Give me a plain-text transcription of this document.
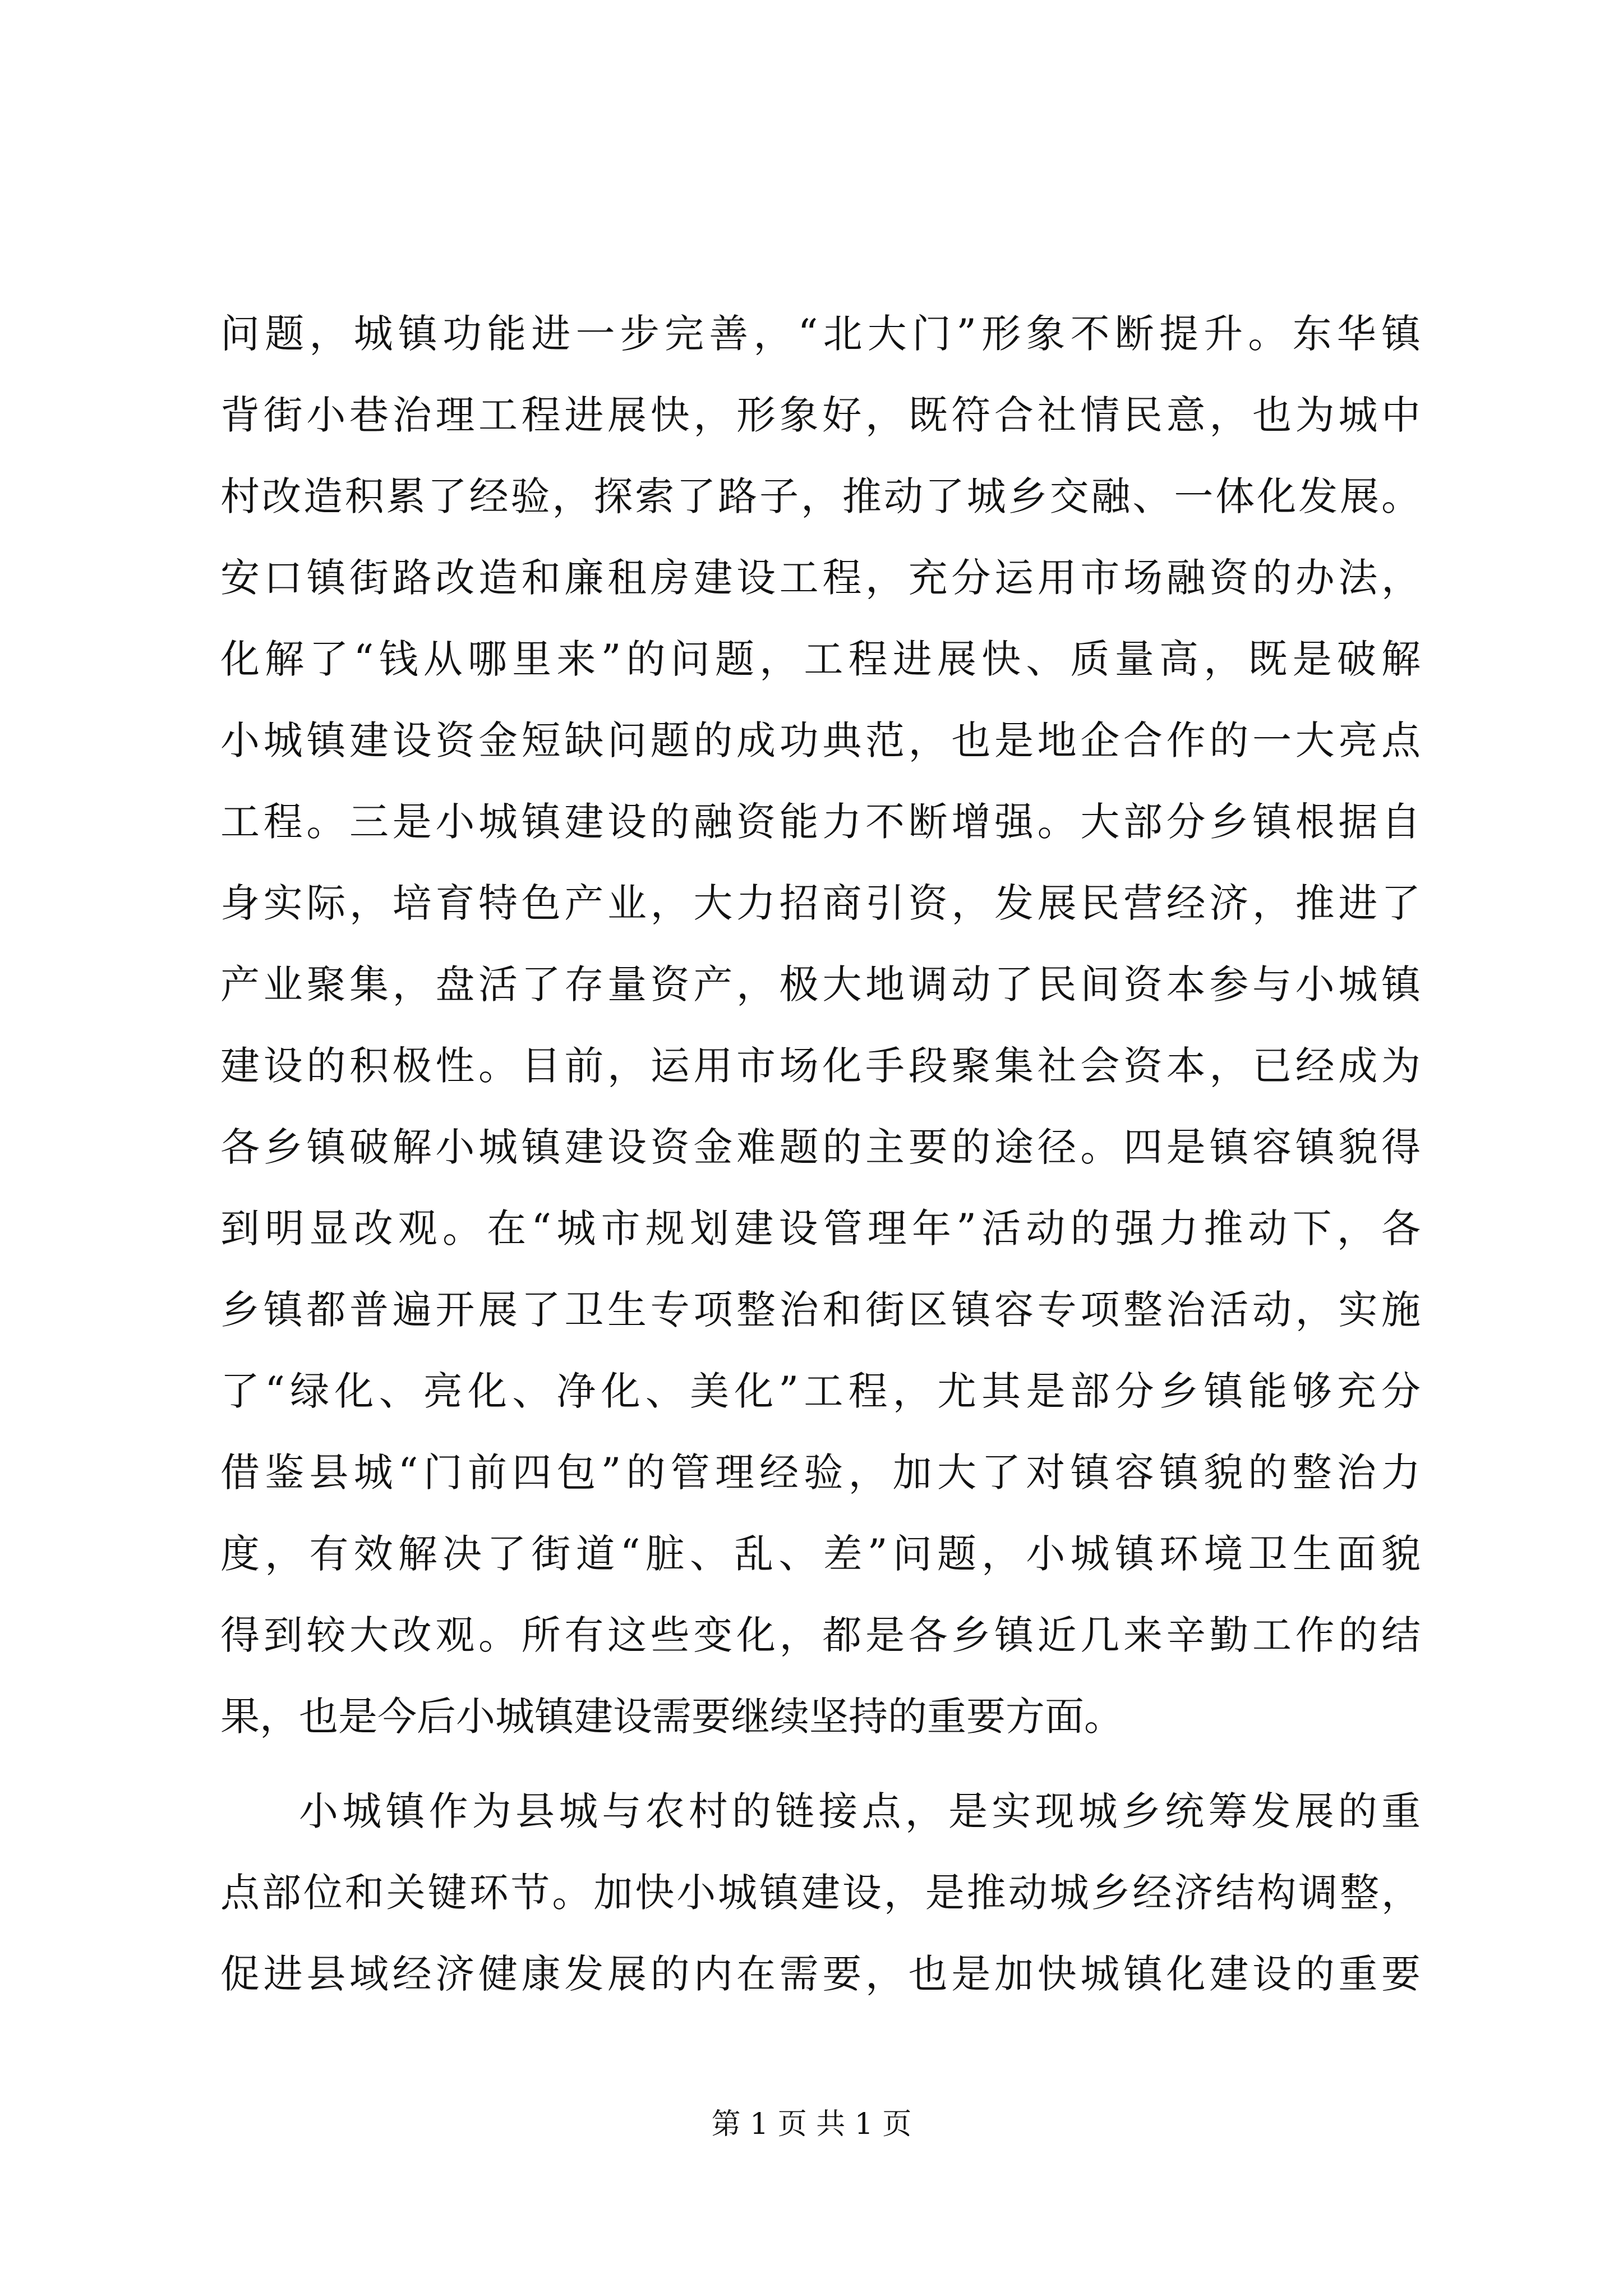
问题，城镇功能进一步完善，“北大门”形象不断提升。东华镇
背街小巷治理工程进展快，形象好，既符合社情民意，也为城中
村改造积累了经验，探索了路子，推动了城乡交融、一体化发展。
安口镇街路改造和廉租房建设工程，充分运用市场融资的办法，
化解了“钱从哪里来”的问题，工程进展快、质量高，既是破解
小城镇建设资金短缺问题的成功典范，也是地企合作的一大亮点
工程。三是小城镇建设的融资能力不断增强。大部分乡镇根据自
身实际，培育特色产业，大力招商引资，发展民营经济，推进了
产业聚集，盘活了存量资产，极大地调动了民间资本参与小城镇
建设的积极性。目前，运用市场化手段聚集社会资本，已经成为
各乡镇破解小城镇建设资金难题的主要的途径。四是镇容镇貌得
到明显改观。在“城市规划建设管理年”活动的强力推动下，各
乡镇都普遍开展了卫生专项整治和街区镇容专项整治活动，实施
了“绿化、亮化、净化、美化”工程，尤其是部分乡镇能够充分
借鉴县城“门前四包”的管理经验，加大了对镇容镇貌的整治力
度，有效解决了街道“脏、乱、差”问题，小城镇环境卫生面貌
得到较大改观。所有这些变化，都是各乡镇近几来辛勤工作的结
果，也是今后小城镇建设需要继续坚持的重要方面。
小城镇作为县城与农村的链接点，是实现城乡统筹发展的重
点部位和关键环节。加快小城镇建设，是推动城乡经济结构调整，
促进县域经济健康发展的内在需要，也是加快城镇化建设的重要
第 1 页 共 1 页
